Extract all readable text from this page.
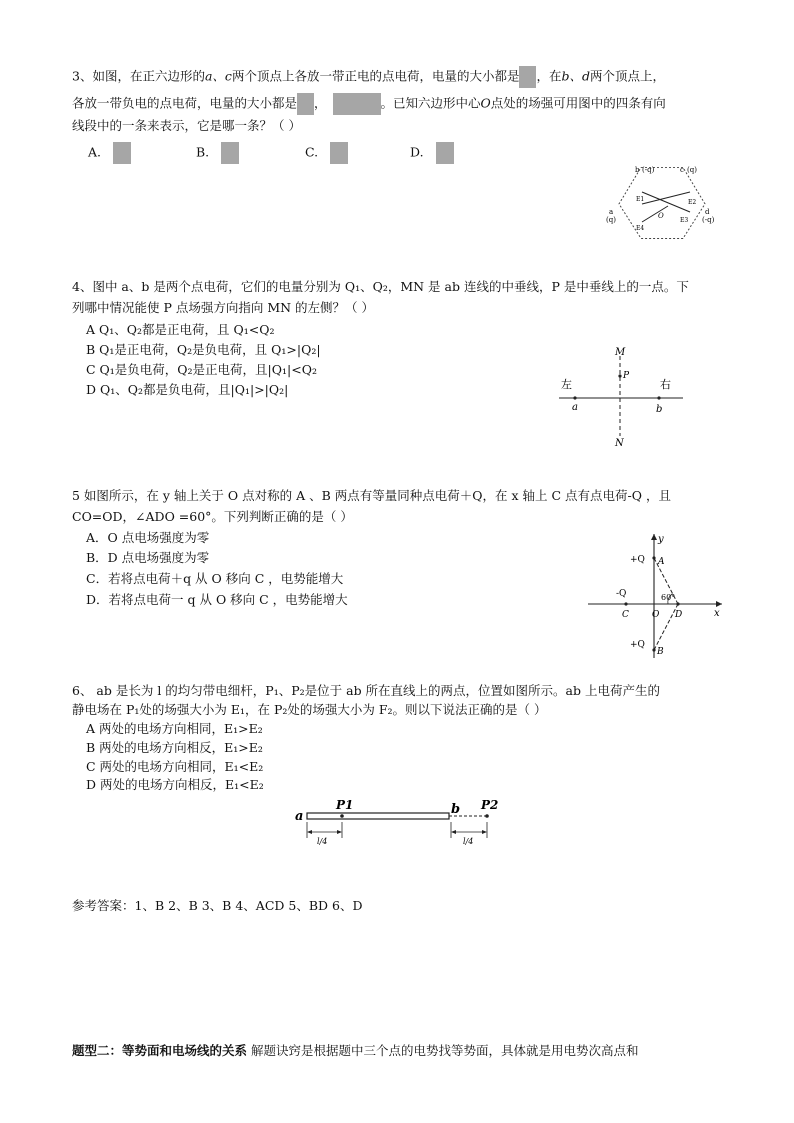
3、如图，在正六边形的a、c两个顶点上各放一带正电的点电荷，电量的大小都是 ，在b、d两个顶点上，
各放一带负电的点电荷，电量的大小都是 ，	。已知六边形中心O点处的场强可用图中的四条有向
线段中的一条来表示，它是哪一条？（ ）
A.	B.	C.	D.
b (-q)	c (q)
a
(q)
d
(-q)
O
E1	E2
E3
E4
4、图中 a、b 是两个点电荷，它们的电量分别为 Q₁、Q₂，MN 是 ab 连线的中垂线，P 是中垂线上的一点。下
列哪中情况能使 P 点场强方向指向 MN 的左侧？（ ）
A Q₁、Q₂都是正电荷，且 Q₁<Q₂
B Q₁是正电荷，Q₂是负电荷，且 Q₁>|Q₂|
C Q₁是负电荷，Q₂是正电荷，且|Q₁|<Q₂
D Q₁、Q₂都是负电荷，且|Q₁|>|Q₂|
M
P
N
左	右
a	b
5 如图所示，在 y 轴上关于 O 点对称的 A 、B 两点有等量同种点电荷＋Q，在 x 轴上 C 点有点电荷-Q ，且
CO=OD，∠ADO =60°。下列判断正确的是（ ）
A．O 点电场强度为零
B．D 点电场强度为零
C．若将点电荷＋q 从 O 移向 C ，电势能增大
D．若将点电荷一 q 从 O 移向 C ，电势能增大
y
x
+Q A
-Q	60°
C	O D
+Q
B
6、 ab 是长为 l 的均匀带电细杆，P₁、P₂是位于 ab 所在直线上的两点，位置如图所示。ab 上电荷产生的
静电场在 P₁处的场强大小为 E₁，在 P₂处的场强大小为 F₂。则以下说法正确的是（ ）
A 两处的电场方向相同，E₁>E₂
B 两处的电场方向相反，E₁>E₂
C 两处的电场方向相同，E₁<E₂
D 两处的电场方向相反，E₁<E₂
a
P1	b P2
l/4	l/4
参考答案：1、B 2、B 3、B 4、ACD 5、BD 6、D
题型二：等势面和电场线的关系 解题诀窍是根据题中三个点的电势找等势面，具体就是用电势次高点和
